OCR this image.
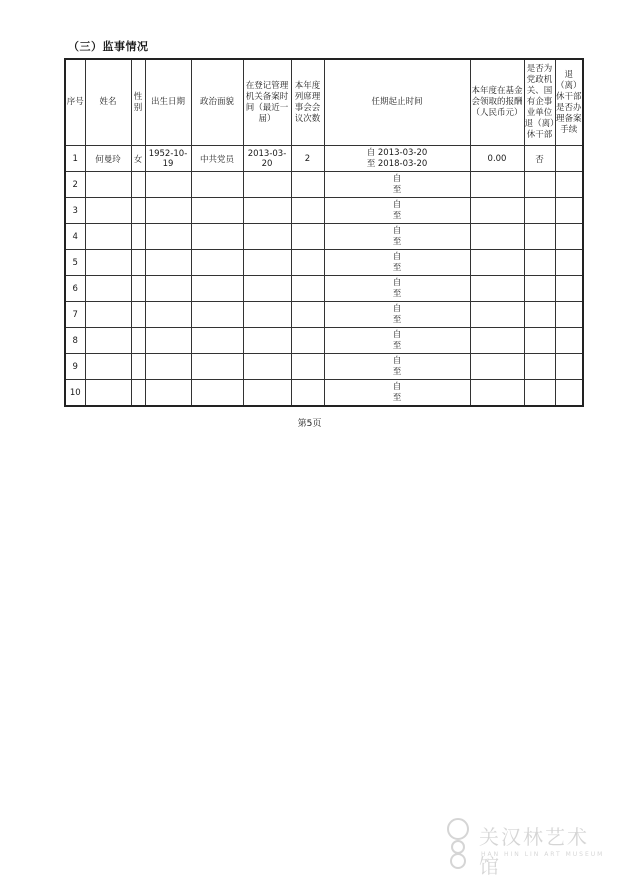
（三）监事情况
序号	姓名	性别	出生日期	政治面貌	在登记管理机关备案时间（最近一届）	本年度列席理事会会议次数	任期起止时间	本年度在基金会领取的报酬（人民币元）	是否为党政机关、国有企事业单位退（离）休干部	退（离）休干部是否办理备案手续
1	何曼玲	女	1952-10-19	中共党员	2013-03-20	2	自 2013-03-20
至 2018-03-20	0.00	否	
2							自
至			

3							自
至			

4							自
至			

5							自
至			

6							自
至			

7							自
至			

8							自
至			

9							自
至			

10							自
至			

第5页
关汉林艺术馆
HAN HIN LIN ART MUSEUM
